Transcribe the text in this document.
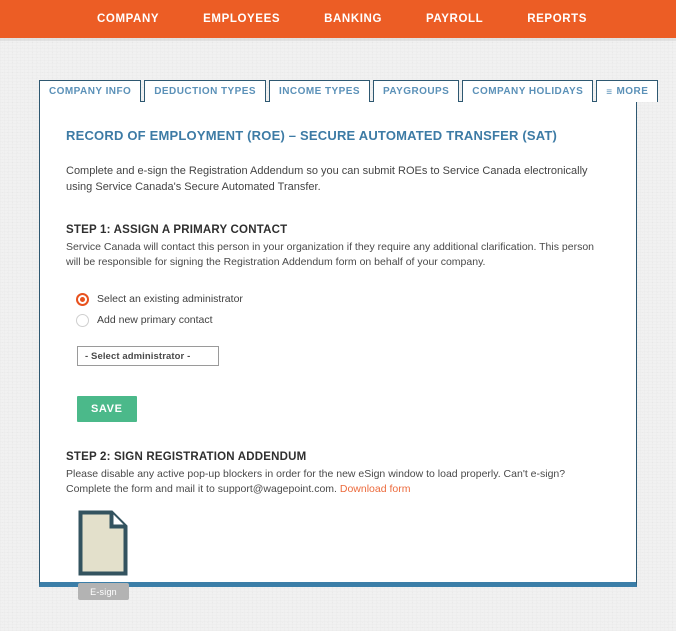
COMPANY	EMPLOYEES	BANKING	PAYROLL	REPORTS
COMPANY INFO	DEDUCTION TYPES	INCOME TYPES	PAYGROUPS	COMPANY HOLIDAYS	≡ MORE
RECORD OF EMPLOYMENT (ROE) – SECURE AUTOMATED TRANSFER (SAT)

Complete and e-sign the Registration Addendum so you can submit ROEs to Service Canada electronically using Service Canada's Secure Automated Transfer.

STEP 1: ASSIGN A PRIMARY CONTACT

Service Canada will contact this person in your organization if they require any additional clarification. This person will be responsible for signing the Registration Addendum form on behalf of your company.

Select an existing administrator
Add new primary contact
- Select administrator -
SAVE
STEP 2: SIGN REGISTRATION ADDENDUM

Please disable any active pop-up blockers in order for the new eSign window to load properly. Can't e-sign? Complete the form and mail it to support@wagepoint.com. Download form

E-sign
